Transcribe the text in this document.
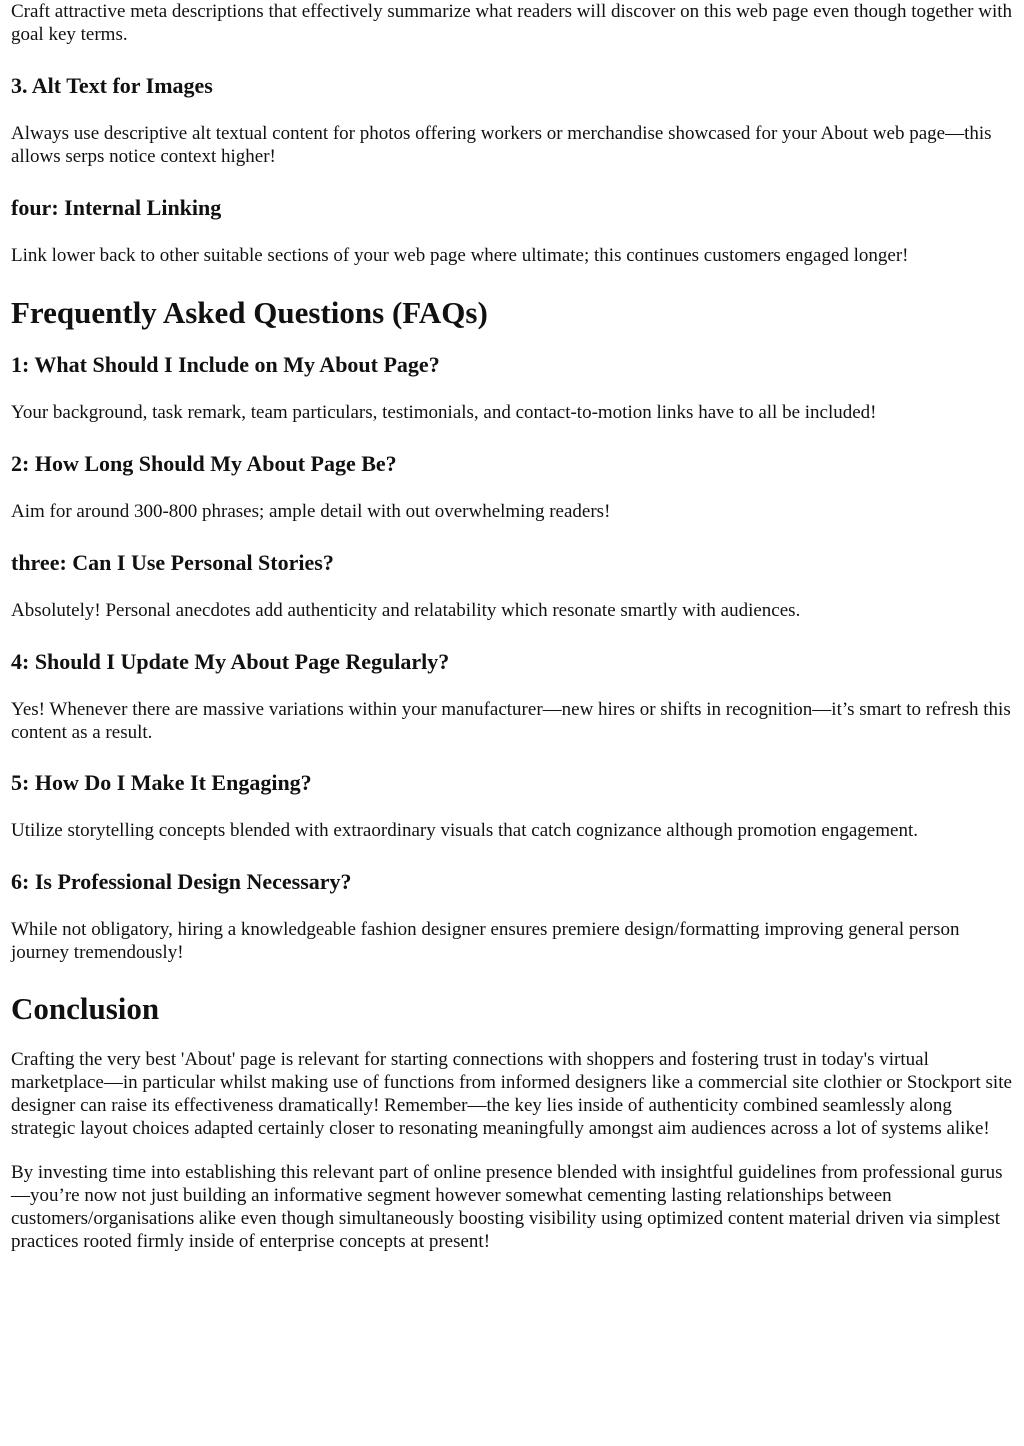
Craft attractive meta descriptions that effectively summarize what readers will discover on this web page even though together with goal key terms.

3. Alt Text for Images

Always use descriptive alt textual content for photos offering workers or merchandise showcased for your About web page—this allows serps notice context higher!

four: Internal Linking

Link lower back to other suitable sections of your web page where ultimate; this continues customers engaged longer!

Frequently Asked Questions (FAQs)
1: What Should I Include on My About Page?

Your background, task remark, team particulars, testimonials, and contact-to-motion links have to all be included!

2: How Long Should My About Page Be?

Aim for around 300-800 phrases; ample detail with out overwhelming readers!

three: Can I Use Personal Stories?

Absolutely! Personal anecdotes add authenticity and relatability which resonate smartly with audiences.

4: Should I Update My About Page Regularly?

Yes! Whenever there are massive variations within your manufacturer—new hires or shifts in recognition—it’s smart to refresh this content as a result.

5: How Do I Make It Engaging?

Utilize storytelling concepts blended with extraordinary visuals that catch cognizance although promotion engagement.

6: Is Professional Design Necessary?

While not obligatory, hiring a knowledgeable fashion designer ensures premiere design/formatting improving general person journey tremendously!

Conclusion

Crafting the very best 'About' page is relevant for starting connections with shoppers and fostering trust in today's virtual marketplace—in particular whilst making use of functions from informed designers like a commercial site clothier or Stockport site designer can raise its effectiveness dramatically! Remember—the key lies inside of authenticity combined seamlessly along strategic layout choices adapted certainly closer to resonating meaningfully amongst aim audiences across a lot of systems alike!

By investing time into establishing this relevant part of online presence blended with insightful guidelines from professional gurus—you’re now not just building an informative segment however somewhat cementing lasting relationships between customers/organisations alike even though simultaneously boosting visibility using optimized content material driven via simplest practices rooted firmly inside of enterprise concepts at present!
